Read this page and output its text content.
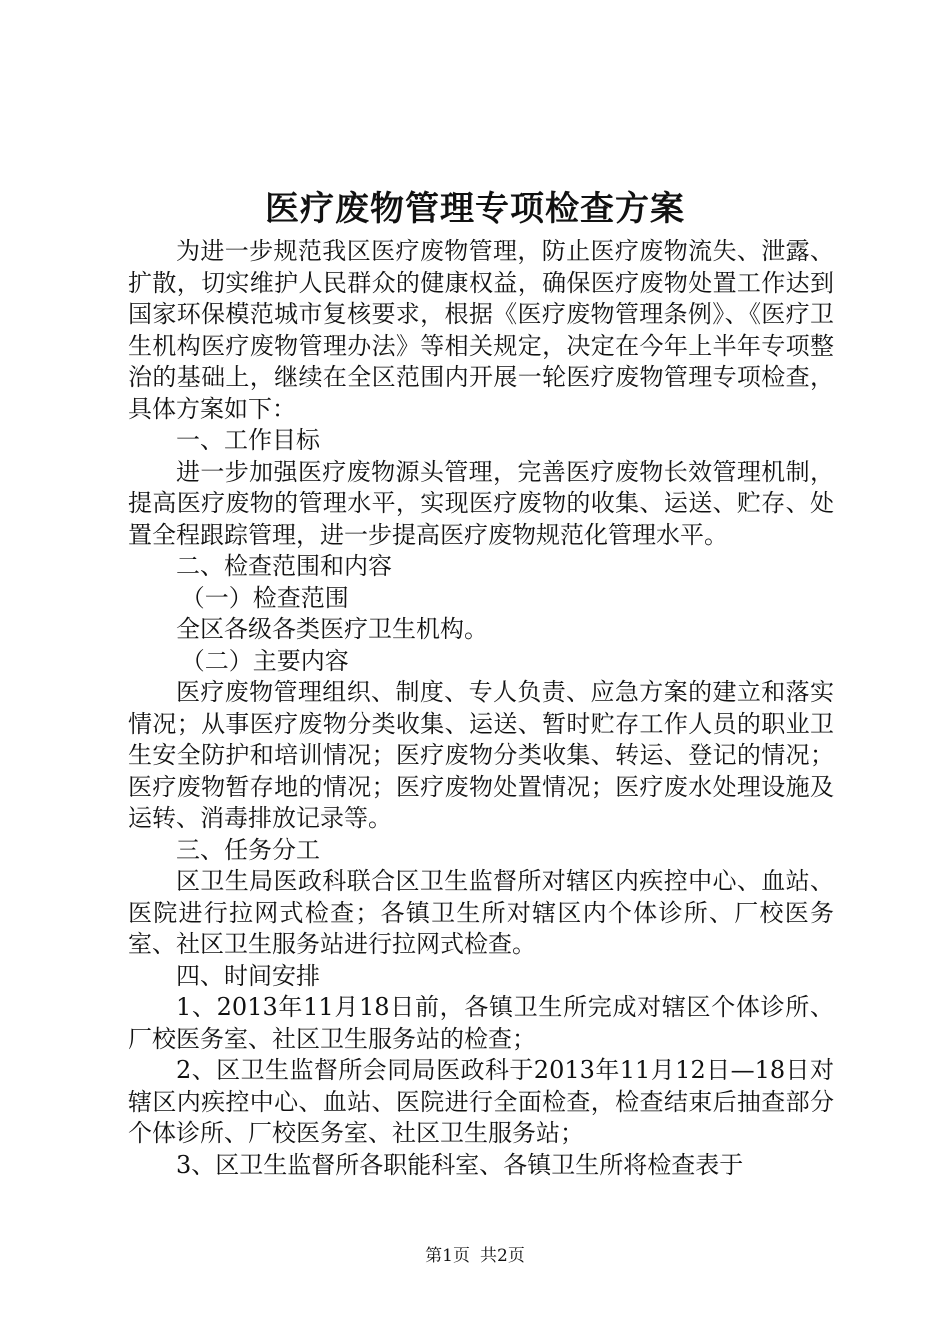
医疗废物管理专项检查方案

为进一步规范我区医疗废物管理，防止医疗废物流失、泄露、扩散，切实维护人民群众的健康权益，确保医疗废物处置工作达到国家环保模范城市复核要求，根据《医疗废物管理条例》、《医疗卫生机构医疗废物管理办法》等相关规定，决定在今年上半年专项整治的基础上，继续在全区范围内开展一轮医疗废物管理专项检查，具体方案如下：

一、工作目标

进一步加强医疗废物源头管理，完善医疗废物长效管理机制，提高医疗废物的管理水平，实现医疗废物的收集、运送、贮存、处置全程跟踪管理，进一步提高医疗废物规范化管理水平。

二、检查范围和内容

（一）检查范围

全区各级各类医疗卫生机构。

（二）主要内容

医疗废物管理组织、制度、专人负责、应急方案的建立和落实情况；从事医疗废物分类收集、运送、暂时贮存工作人员的职业卫生安全防护和培训情况；医疗废物分类收集、转运、登记的情况；医疗废物暂存地的情况；医疗废物处置情况；医疗废水处理设施及运转、消毒排放记录等。

三、任务分工

区卫生局医政科联合区卫生监督所对辖区内疾控中心、血站、医院进行拉网式检查；各镇卫生所对辖区内个体诊所、厂校医务室、社区卫生服务站进行拉网式检查。

四、时间安排

1、2013年11月18日前，各镇卫生所完成对辖区个体诊所、厂校医务室、社区卫生服务站的检查；

2、区卫生监督所会同局医政科于2013年11月12日—18日对辖区内疾控中心、血站、医院进行全面检查，检查结束后抽查部分个体诊所、厂校医务室、社区卫生服务站；

3、区卫生监督所各职能科室、各镇卫生所将检查表于

第1页 共2页
